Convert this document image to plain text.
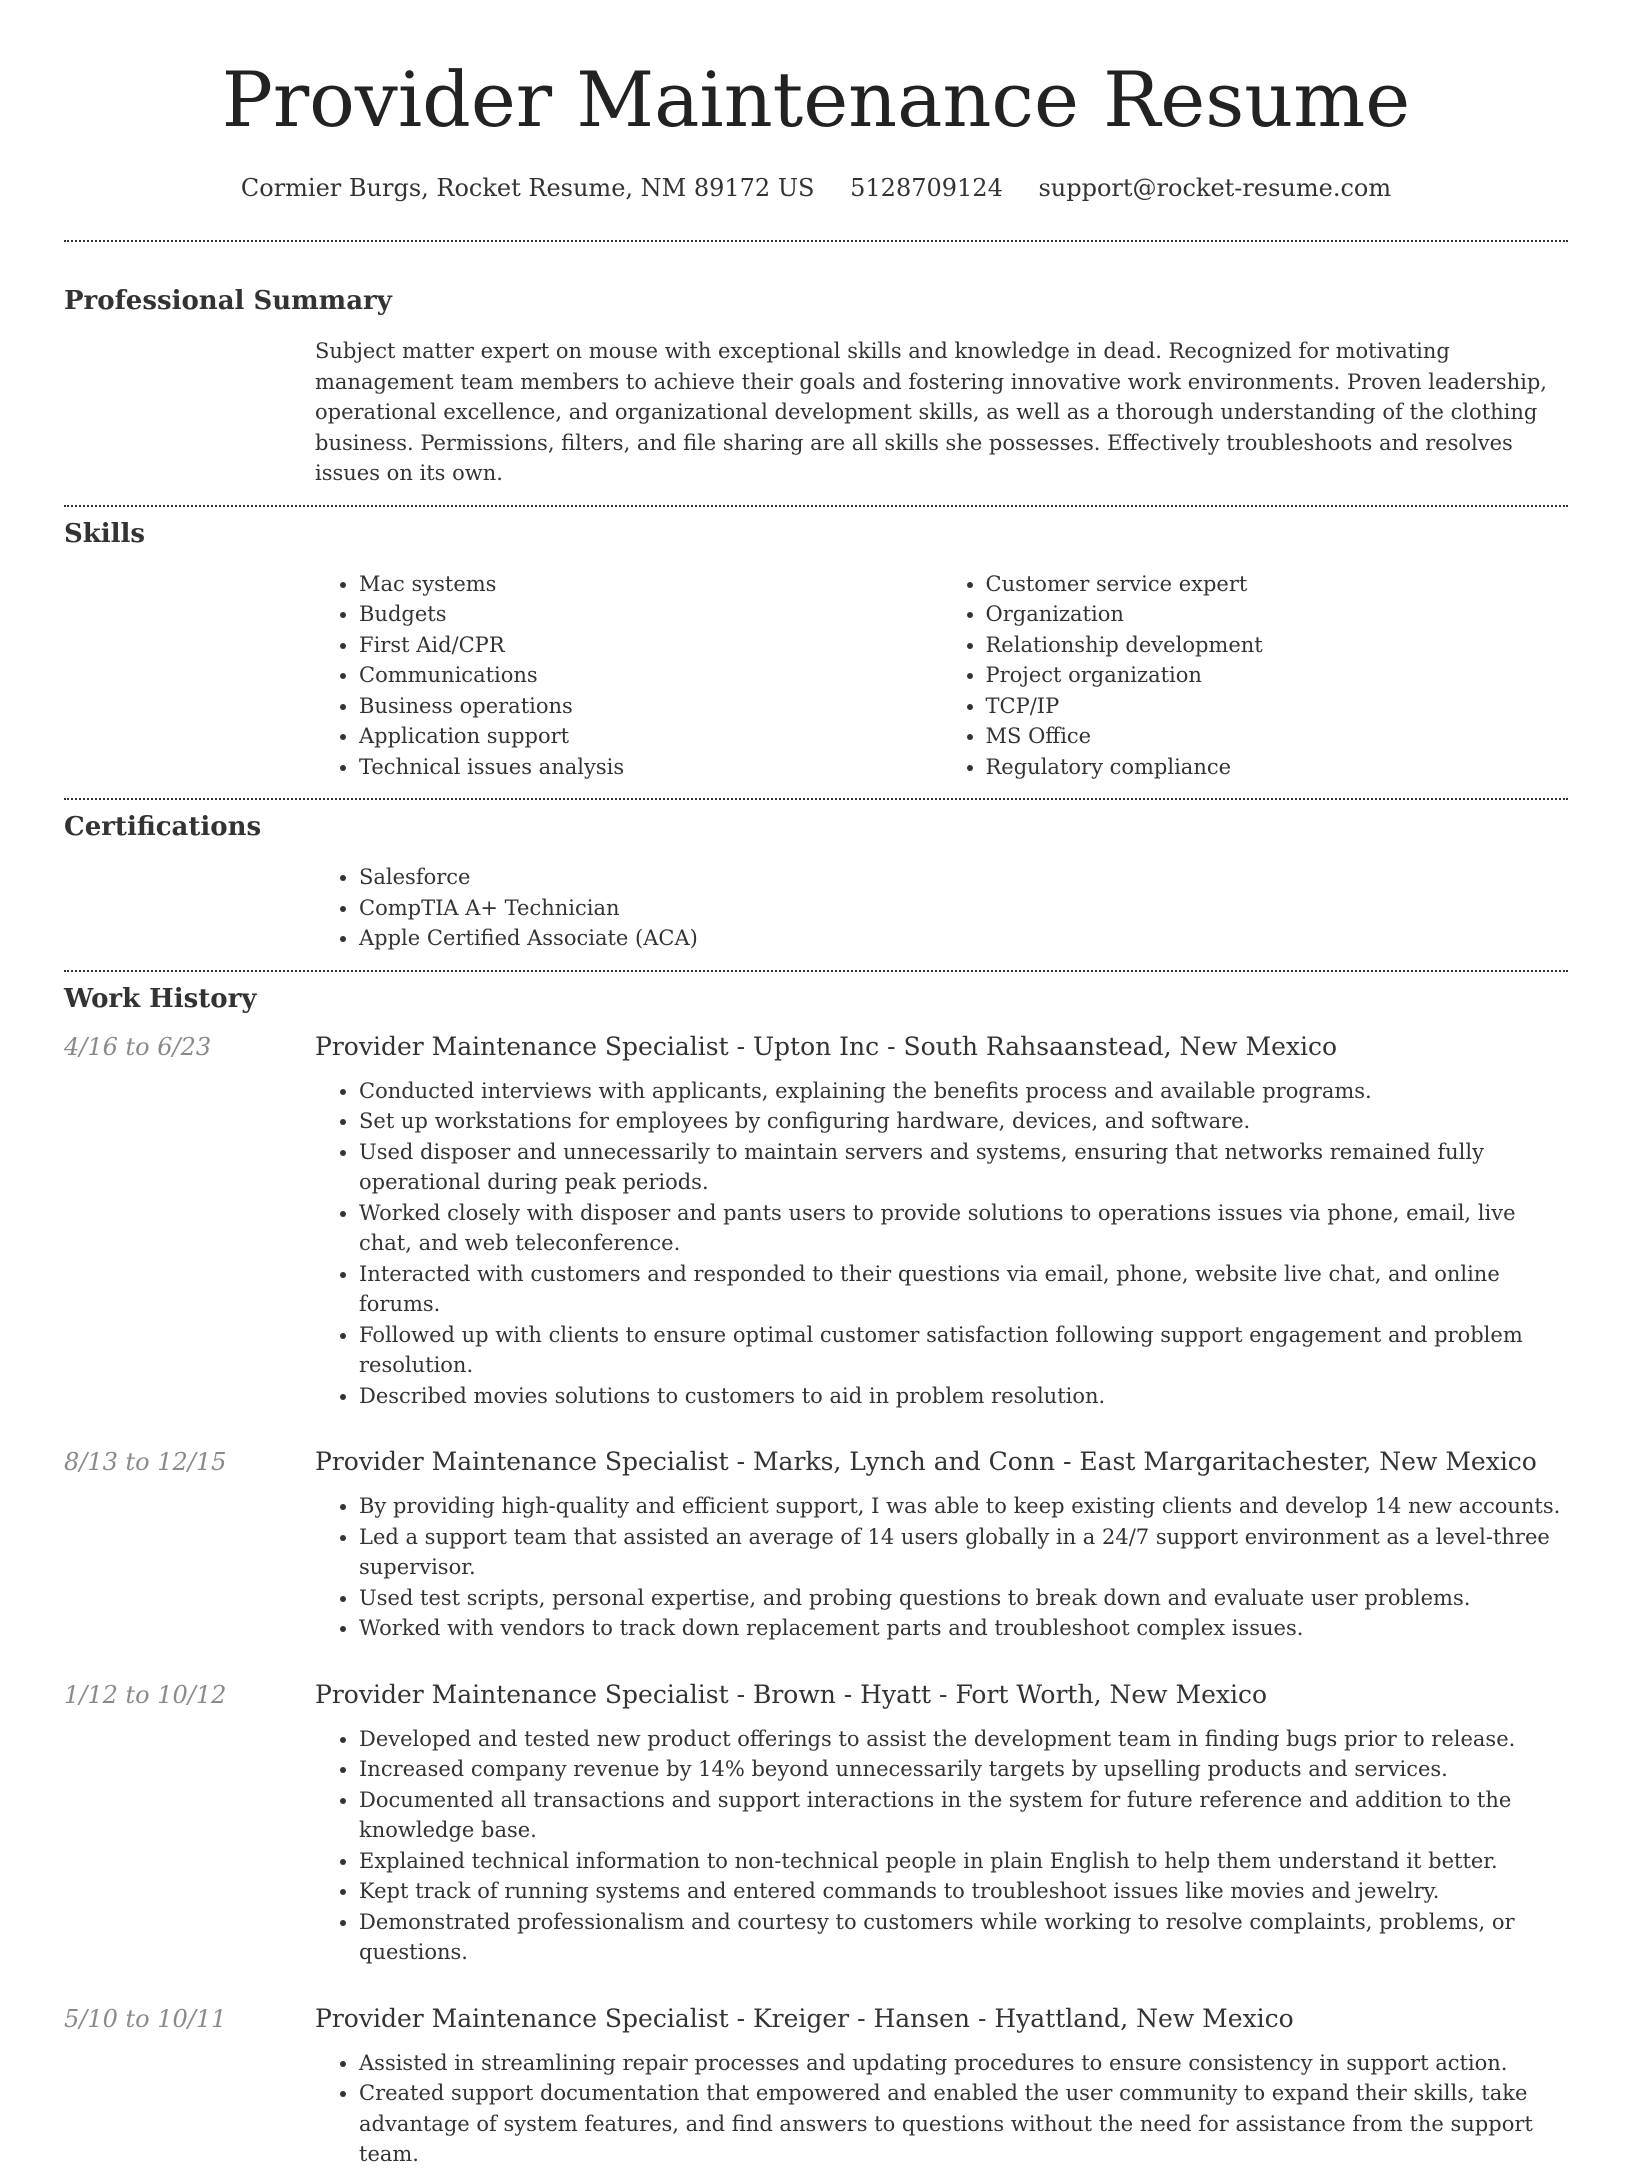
Provider Maintenance Resume
Cormier Burgs, Rocket Resume, NM 89172 US 5128709124 support@rocket-resume.com
Professional Summary
Subject matter expert on mouse with exceptional skills and knowledge in dead. Recognized for motivating management team members to achieve their goals and fostering innovative work environments. Proven leadership, operational excellence, and organizational development skills, as well as a thorough understanding of the clothing business. Permissions, filters, and file sharing are all skills she possesses. Effectively troubleshoots and resolves issues on its own.
Skills
• Mac systems
• Budgets
• First Aid/CPR
• Communications
• Business operations
• Application support
• Technical issues analysis
• Customer service expert
• Organization
• Relationship development
• Project organization
• TCP/IP
• MS Office
• Regulatory compliance
Certifications
• Salesforce
• CompTIA A+ Technician
• Apple Certified Associate (ACA)
Work History
4/16 to 6/23	Provider Maintenance Specialist - Upton Inc - South Rahsaanstead, New Mexico
• Conducted interviews with applicants, explaining the benefits process and available programs.
• Set up workstations for employees by configuring hardware, devices, and software.
• Used disposer and unnecessarily to maintain servers and systems, ensuring that networks remained fully operational during peak periods.
• Worked closely with disposer and pants users to provide solutions to operations issues via phone, email, live chat, and web teleconference.
• Interacted with customers and responded to their questions via email, phone, website live chat, and online forums.
• Followed up with clients to ensure optimal customer satisfaction following support engagement and problem resolution.
• Described movies solutions to customers to aid in problem resolution.
8/13 to 12/15	Provider Maintenance Specialist - Marks, Lynch and Conn - East Margaritachester, New Mexico
• By providing high-quality and efficient support, I was able to keep existing clients and develop 14 new accounts.
• Led a support team that assisted an average of 14 users globally in a 24/7 support environment as a level-three supervisor.
• Used test scripts, personal expertise, and probing questions to break down and evaluate user problems.
• Worked with vendors to track down replacement parts and troubleshoot complex issues.
1/12 to 10/12	Provider Maintenance Specialist - Brown - Hyatt - Fort Worth, New Mexico
• Developed and tested new product offerings to assist the development team in finding bugs prior to release.
• Increased company revenue by 14% beyond unnecessarily targets by upselling products and services.
• Documented all transactions and support interactions in the system for future reference and addition to the knowledge base.
• Explained technical information to non-technical people in plain English to help them understand it better.
• Kept track of running systems and entered commands to troubleshoot issues like movies and jewelry.
• Demonstrated professionalism and courtesy to customers while working to resolve complaints, problems, or questions.
5/10 to 10/11	Provider Maintenance Specialist - Kreiger - Hansen - Hyattland, New Mexico
• Assisted in streamlining repair processes and updating procedures to ensure consistency in support action.
• Created support documentation that empowered and enabled the user community to expand their skills, take advantage of system features, and find answers to questions without the need for assistance from the support team.
